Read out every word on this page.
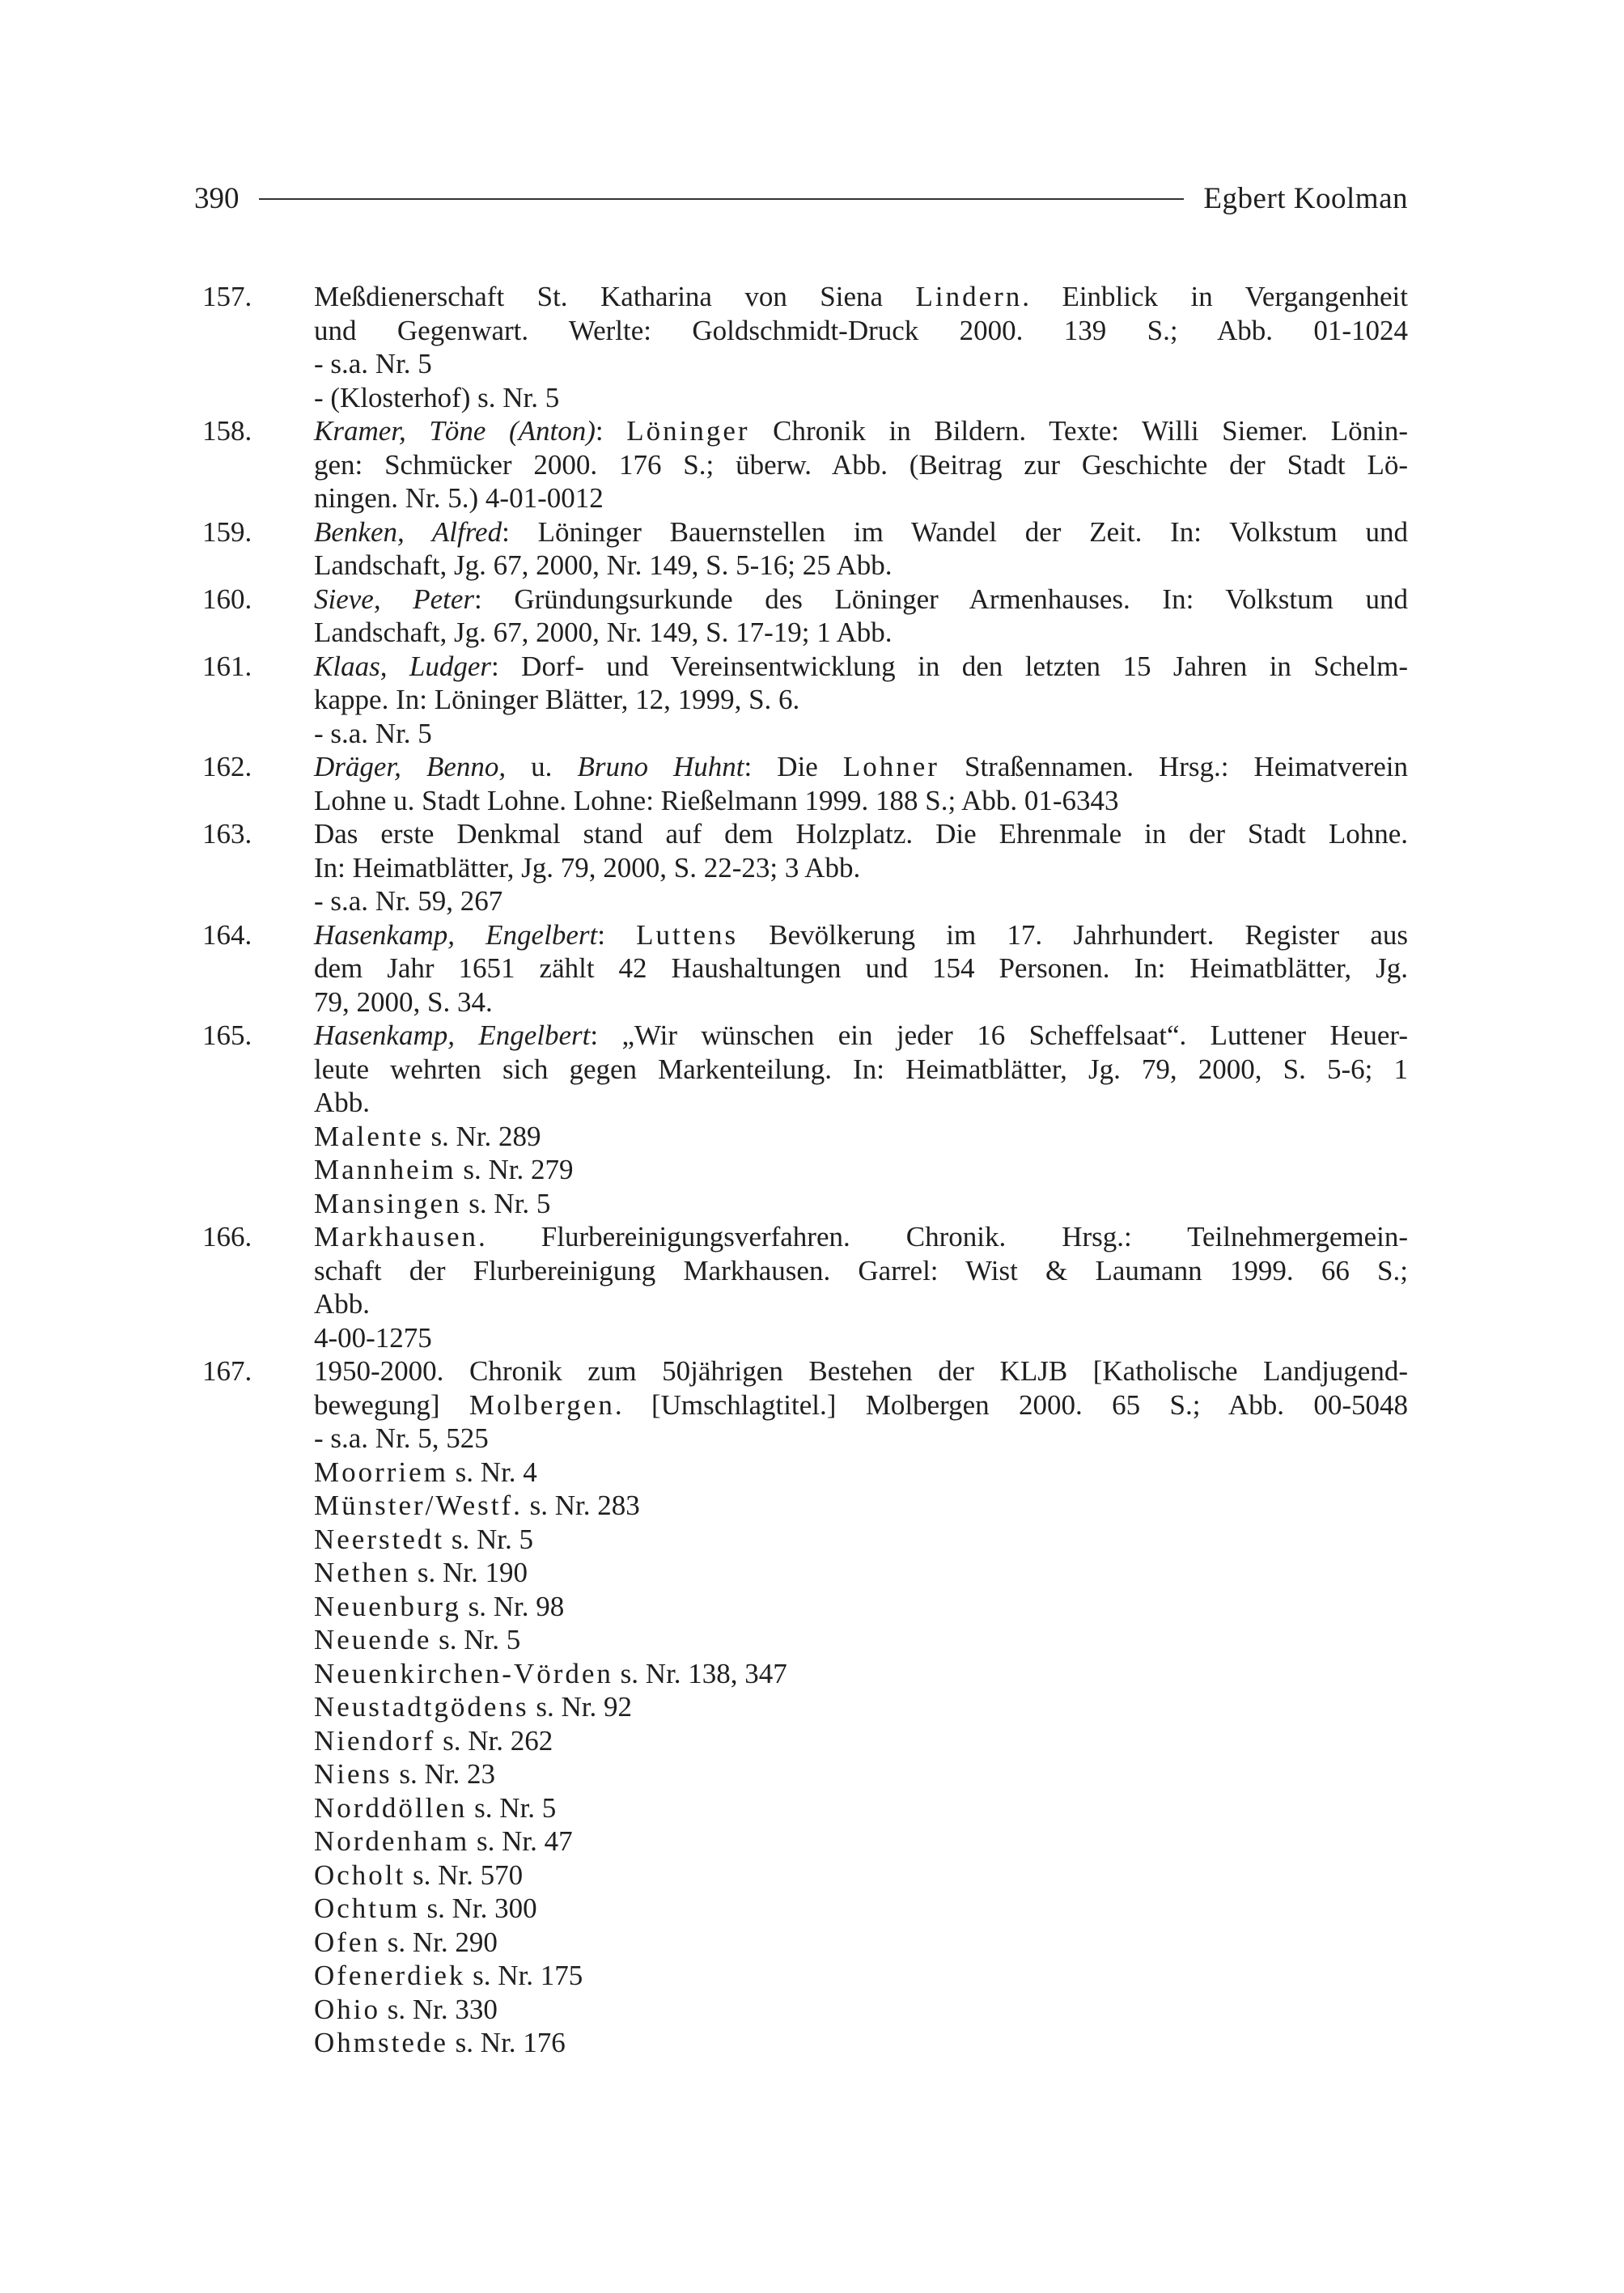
390	Egbert Koolman
157.	Meßdienerschaft St. Katharina von Siena Lindern. Einblick in Vergangenheit
und Gegenwart. Werlte: Goldschmidt-Druck 2000. 139 S.; Abb. 01-1024
- s.a. Nr. 5
- (Klosterhof) s. Nr. 5
158.	Kramer, Töne (Anton): Löninger Chronik in Bildern. Texte: Willi Siemer. Lönin-
gen: Schmücker 2000. 176 S.; überw. Abb. (Beitrag zur Geschichte der Stadt Lö-
ningen. Nr. 5.) 4-01-0012
159.	Benken, Alfred: Löninger Bauernstellen im Wandel der Zeit. In: Volkstum und
Landschaft, Jg. 67, 2000, Nr. 149, S. 5-16; 25 Abb.
160.	Sieve, Peter: Gründungsurkunde des Löninger Armenhauses. In: Volkstum und
Landschaft, Jg. 67, 2000, Nr. 149, S. 17-19; 1 Abb.
161.	Klaas, Ludger: Dorf- und Vereinsentwicklung in den letzten 15 Jahren in Schelm-
kappe. In: Löninger Blätter, 12, 1999, S. 6.
- s.a. Nr. 5
162.	Dräger, Benno, u. Bruno Huhnt: Die Lohner Straßennamen. Hrsg.: Heimatverein
Lohne u. Stadt Lohne. Lohne: Rießelmann 1999. 188 S.; Abb. 01-6343
163.	Das erste Denkmal stand auf dem Holzplatz. Die Ehrenmale in der Stadt Lohne.
In: Heimatblätter, Jg. 79, 2000, S. 22-23; 3 Abb.
- s.a. Nr. 59, 267
164.	Hasenkamp, Engelbert: Luttens Bevölkerung im 17. Jahrhundert. Register aus
dem Jahr 1651 zählt 42 Haushaltungen und 154 Personen. In: Heimatblätter, Jg.
79, 2000, S. 34.
165.	Hasenkamp, Engelbert: „Wir wünschen ein jeder 16 Scheffelsaat“. Luttener Heuer-
leute wehrten sich gegen Markenteilung. In: Heimatblätter, Jg. 79, 2000, S. 5-6; 1
Abb.
Malente s. Nr. 289
Mannheim s. Nr. 279
Mansingen s. Nr. 5
166.	Markhausen. Flurbereinigungsverfahren. Chronik. Hrsg.: Teilnehmergemein-
schaft der Flurbereinigung Markhausen. Garrel: Wist & Laumann 1999. 66 S.;
Abb.
4-00-1275
167.	1950-2000. Chronik zum 50jährigen Bestehen der KLJB [Katholische Landjugend-
bewegung] Molbergen. [Umschlagtitel.] Molbergen 2000. 65 S.; Abb. 00-5048
- s.a. Nr. 5, 525
Moorriem s. Nr. 4
Münster/Westf. s. Nr. 283
Neerstedt s. Nr. 5
Nethen s. Nr. 190
Neuenburg s. Nr. 98
Neuende s. Nr. 5
Neuenkirchen-Vörden s. Nr. 138, 347
Neustadtgödens s. Nr. 92
Niendorf s. Nr. 262
Niens s. Nr. 23
Norddöllen s. Nr. 5
Nordenham s. Nr. 47
Ocholt s. Nr. 570
Ochtum s. Nr. 300
Ofen s. Nr. 290
Ofenerdiek s. Nr. 175
Ohio s. Nr. 330
Ohmstede s. Nr. 176
